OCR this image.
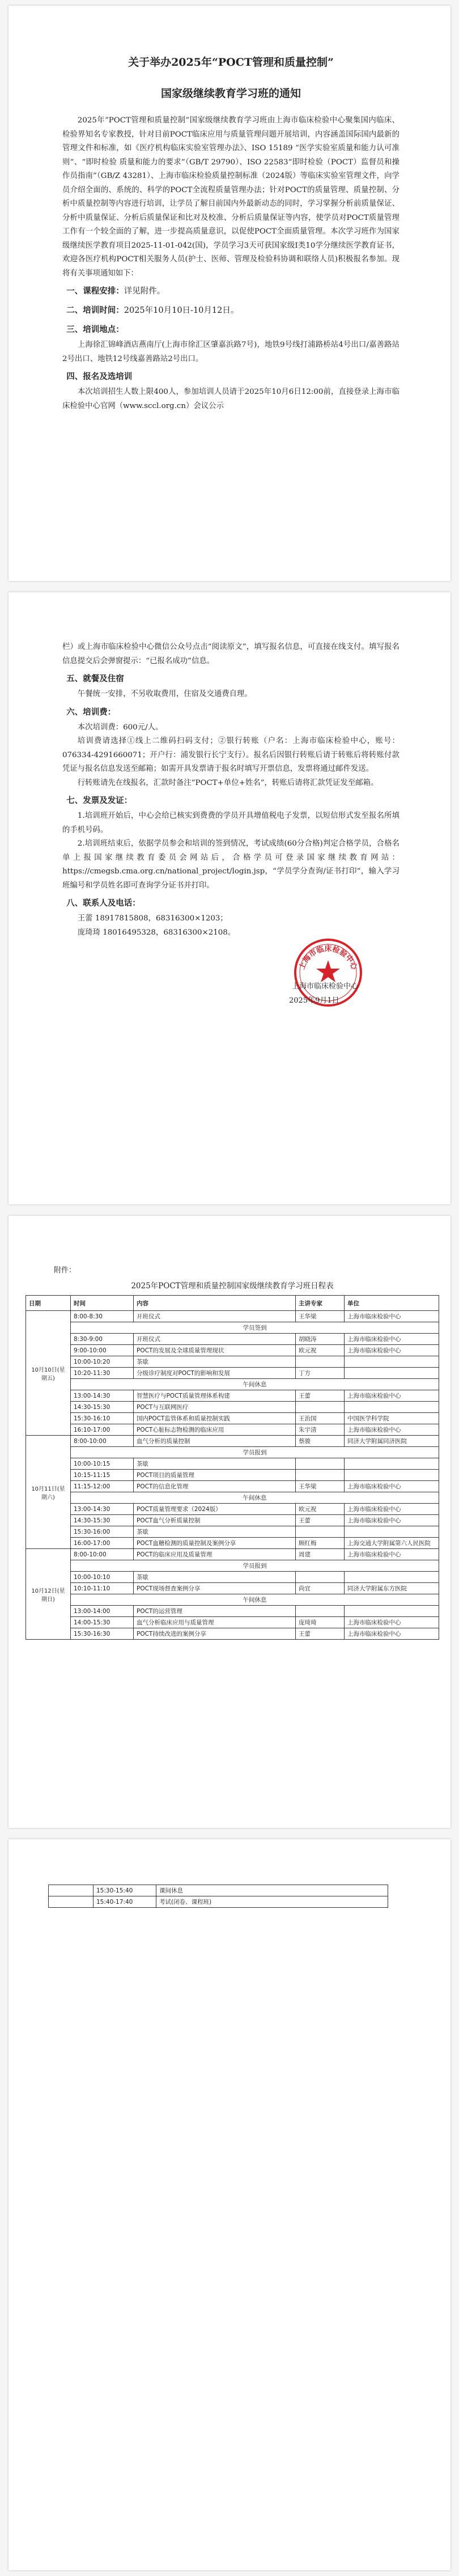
关于举办2025年“POCT管理和质量控制”
国家级继续教育学习班的通知

2025年“POCT管理和质量控制”国家级继续教育学习班由上海市临床检验中心聚集国内临床、检验界知名专家教授，针对目前POCT临床应用与质量管理问题开展培训，内容涵盖国际国内最新的管理文件和标准，如《医疗机构临床实验室管理办法》、ISO 15189 “医学实验室质量和能力认可准则”、“即时检验 质量和能力的要求”（GB/T 29790）、ISO 22583“即时检验（POCT）监督员和操作员指南”（GB/Z 43281）、上海市临床检验质量控制标准（2024版）等临床实验室管理文件，向学员介绍全面的、系统的、科学的POCT全流程质量管理办法；针对POCT的质量管理、质量控制、分析中质量控制等内容进行培训，让学员了解目前国内外最新动态的同时，学习掌握分析前质量保证、分析中质量保证、分析后质量保证和比对及校准、分析后质量保证等内容，使学员对POCT质量管理工作有一个较全面的了解，进一步提高质量意识，以促使POCT全面质量管理。本次学习班作为国家级继续医学教育项目2025-11-01-042(国)，学员学习3天可获国家级Ⅰ类10学分继续医学教育证书，欢迎各医疗机构POCT相关服务人员(护士、医师、管理及检验科协调和联络人员)积极报名参加。现将有关事项通知如下：

一、课程安排：详见附件。
二、培训时间：2025年10月10日-10月12日。
三、培训地点：

上海徐汇锦峰酒店燕南厅(上海市徐汇区肇嘉浜路7号)，地铁9号线打浦路桥站4号出口/嘉善路站2号出口、地铁12号线嘉善路站2号出口。

四、报名及选培训

本次培训招生人数上限400人，参加培训人员请于2025年10月6日12:00前，直接登录上海市临床检验中心官网（www.sccl.org.cn）会议公示

栏）或上海市临床检验中心微信公众号点击“阅读原文”，填写报名信息，可直接在线支付。填写报名信息提交后会弹窗提示：“已报名成功”信息。

五、就餐及住宿

午餐统一安排，不另收取费用，住宿及交通费自理。

六、培训费：

本次培训费：600元/人。

培训费请选择①线上二维码扫码支付；②银行转账（户名：上海市临床检验中心，账号：076334-4291660071；开户行：浦发银行长宁支行）。报名后因银行转账后请于转账后将转账付款凭证与报名信息发送至邮箱；如需开具发票请于报名时填写开票信息，发票将通过邮件发送。

行转账请先在线报名，汇款时备注“POCT+单位+姓名”，转账后请将汇款凭证发至邮箱。

七、发票及发证：

1.培训班开始后，中心会给已核实到费费的学员开具增值税电子发票，以短信形式发至报名所填的手机号码。

2.培训班结束后，依据学员参会和培训的签到情况，考试成绩(60分合格)判定合格学员，合格名单上报国家继续教育委员会网站后，合格学员可登录国家继续教育网站：https://cmegsb.cma.org.cn/national_project/login.jsp，“学员学分查询/证书打印”，输入学习班编号和学员姓名即可查询学分证书并打印。

八、联系人及电话：

王蕾 18917815808，68316300×1203；

庞琦琦 18016495328，68316300×2108。

上海市临床检验中心
上海市临床检验中心
2025年9月1日
附件：
2025年POCT管理和质量控制国家级继续教育学习班日程表
日期	时间	内容	主讲专家	单位
10月10日(星期五)	8:00-8:30	开班仪式	王华梁	上海市临床检验中心
	学员签到			
	8:30-9:00	开班仪式	胡晓涛	上海市临床检验中心
	9:00-10:00	POCT的发展及全球质量管理现状	欧元祝	上海市临床检验中心
	10:00-10:20	茶歇		
	10:20-11:30	分级诊疗制度对POCT的影响和发展	丁方	
	午间休息			
	13:00-14:30	智慧医疗与POCT质量管理体系构建	王蕾	上海市临床检验中心
	14:30-15:30	POCT与互联网医疗		
	15:30-16:10	国内POCT监管体系和质量控制实践	王治国	中国医学科学院
	16:10-17:00	POCT心脏标志物检测的临床应用	朱宇清	上海市临床检验中心
10月11日(星期六)	8:00-10:00	血气分析的质量控制	蔡骏	同济大学附属同济医院
	学员报到			
	10:00-10:15	茶歇		
	10:15-11:15	POCT项目的质量管理		
	11:15-12:00	POCT的信息化管理	王华梁	上海市临床检验中心
	午间休息			
	13:00-14:30	POCT质量管理要求（2024版）	欧元祝	上海市临床检验中心
	14:30-15:30	POCT血气分析质量控制	王蕾	上海市临床检验中心
	15:30-16:00	茶歇		
	16:00-17:00	POCT血糖检测的质量控制及案例分享	顾红梅	上海交通大学附属第六人民医院
10月12日(星期日)	8:00-10:00	POCT的临床应用及质量管理	周建	上海市临床检验中心
	学员报到			
	10:00-10:10	茶歇		
	10:10-11:10	POCT现场督查案例分享	尚宜	同济大学附属东方医院
	午间休息			
	13:00-14:00	POCT的运营管理		
	14:00-15:30	血气分析临床应用与质量管理	庞琦琦	上海市临床检验中心
	15:30-16:30	POCT持续改进的案例分享	王蕾	上海市临床检验中心
	15:30-15:40	课间休息
	15:40-17:40	考试(闭卷、课程班)
